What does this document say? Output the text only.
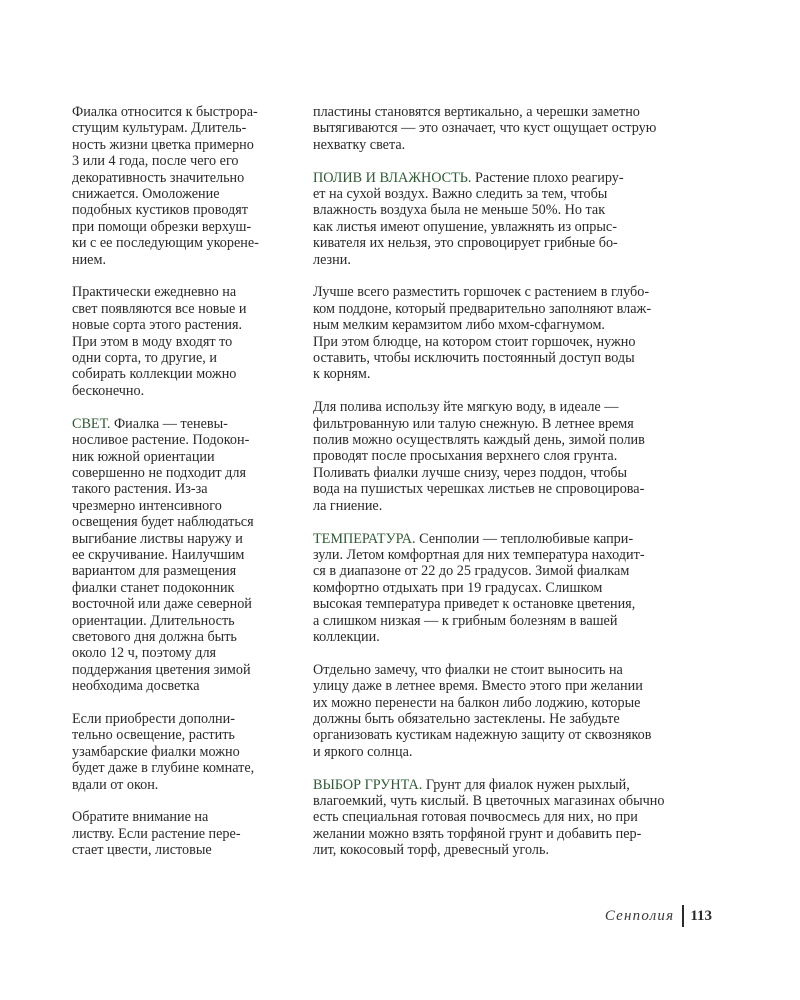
Фиалка относится к быстрора-
стущим культурам. Длитель-
ность жизни цветка примерно
3 или 4 года, после чего его
декоративность значительно
снижается. Омоложение
подобных кустиков проводят
при помощи обрезки верхуш-
ки с ее последующим укорене-
нием.
Практически ежедневно на
свет появляются все новые и
новые сорта этого растения.
При этом в моду входят то
одни сорта, то другие, и
собирать коллекции можно
бесконечно.
СВЕТ. Фиалка — теневы-
носливое растение. Подокон-
ник южной ориентации
совершенно не подходит для
такого растения. Из-за
чрезмерно интенсивного
освещения будет наблюдаться
выгибание листвы наружу и
ее скручивание. Наилучшим
вариантом для размещения
фиалки станет подоконник
восточной или даже северной
ориентации. Длительность
светового дня должна быть
около 12 ч, поэтому для
поддержания цветения зимой
необходима досветка
Если приобрести дополни-
тельно освещение, растить
узамбарские фиалки можно
будет даже в глубине комнате,
вдали от окон.
Обратите внимание на
листву. Если растение пере-
стает цвести, листовые
пластины становятся вертикально, а черешки заметно
вытягиваются — это означает, что куст ощущает острую
нехватку света.
ПОЛИВ И ВЛАЖНОСТЬ. Растение плохо реагиру-
ет на сухой воздух. Важно следить за тем, чтобы
влажность воздуха была не меньше 50%. Но так
как листья имеют опушение, увлажнять из опрыс-
кивателя их нельзя, это спровоцирует грибные бо-
лезни.
Лучше всего разместить горшочек с растением в глубо-
ком поддоне, который предварительно заполняют влаж-
ным мелким керамзитом либо мхом-сфагнумом.
При этом блюдце, на котором стоит горшочек, нужно
оставить, чтобы исключить постоянный доступ воды
к корням.
Для полива использу йте мягкую воду, в идеале —
фильтрованную или талую снежную. В летнее время
полив можно осуществлять каждый день, зимой полив
проводят после просыхания верхнего слоя грунта.
Поливать фиалки лучше снизу, через поддон, чтобы
вода на пушистых черешках листьев не спровоцирова-
ла гниение.
ТЕМПЕРАТУРА. Сенполии — теплолюбивые капри-
зули. Летом комфортная для них температура находит-
ся в диапазоне от 22 до 25 градусов. Зимой фиалкам
комфортно отдыхать при 19 градусах. Слишком
высокая температура приведет к остановке цветения,
а слишком низкая — к грибным болезням в вашей
коллекции.
Отдельно замечу, что фиалки не стоит выносить на
улицу даже в летнее время. Вместо этого при желании
их можно перенести на балкон либо лоджию, которые
должны быть обязательно застеклены. Не забудьте
организовать кустикам надежную защиту от сквозняков
и яркого солнца.
ВЫБОР ГРУНТА. Грунт для фиалок нужен рыхлый,
влагоемкий, чуть кислый. В цветочных магазинах обычно
есть специальная готовая почвосмесь для них, но при
желании можно взять торфяной грунт и добавить пер-
лит, кокосовый торф, древесный уголь.
Сенполия	113
